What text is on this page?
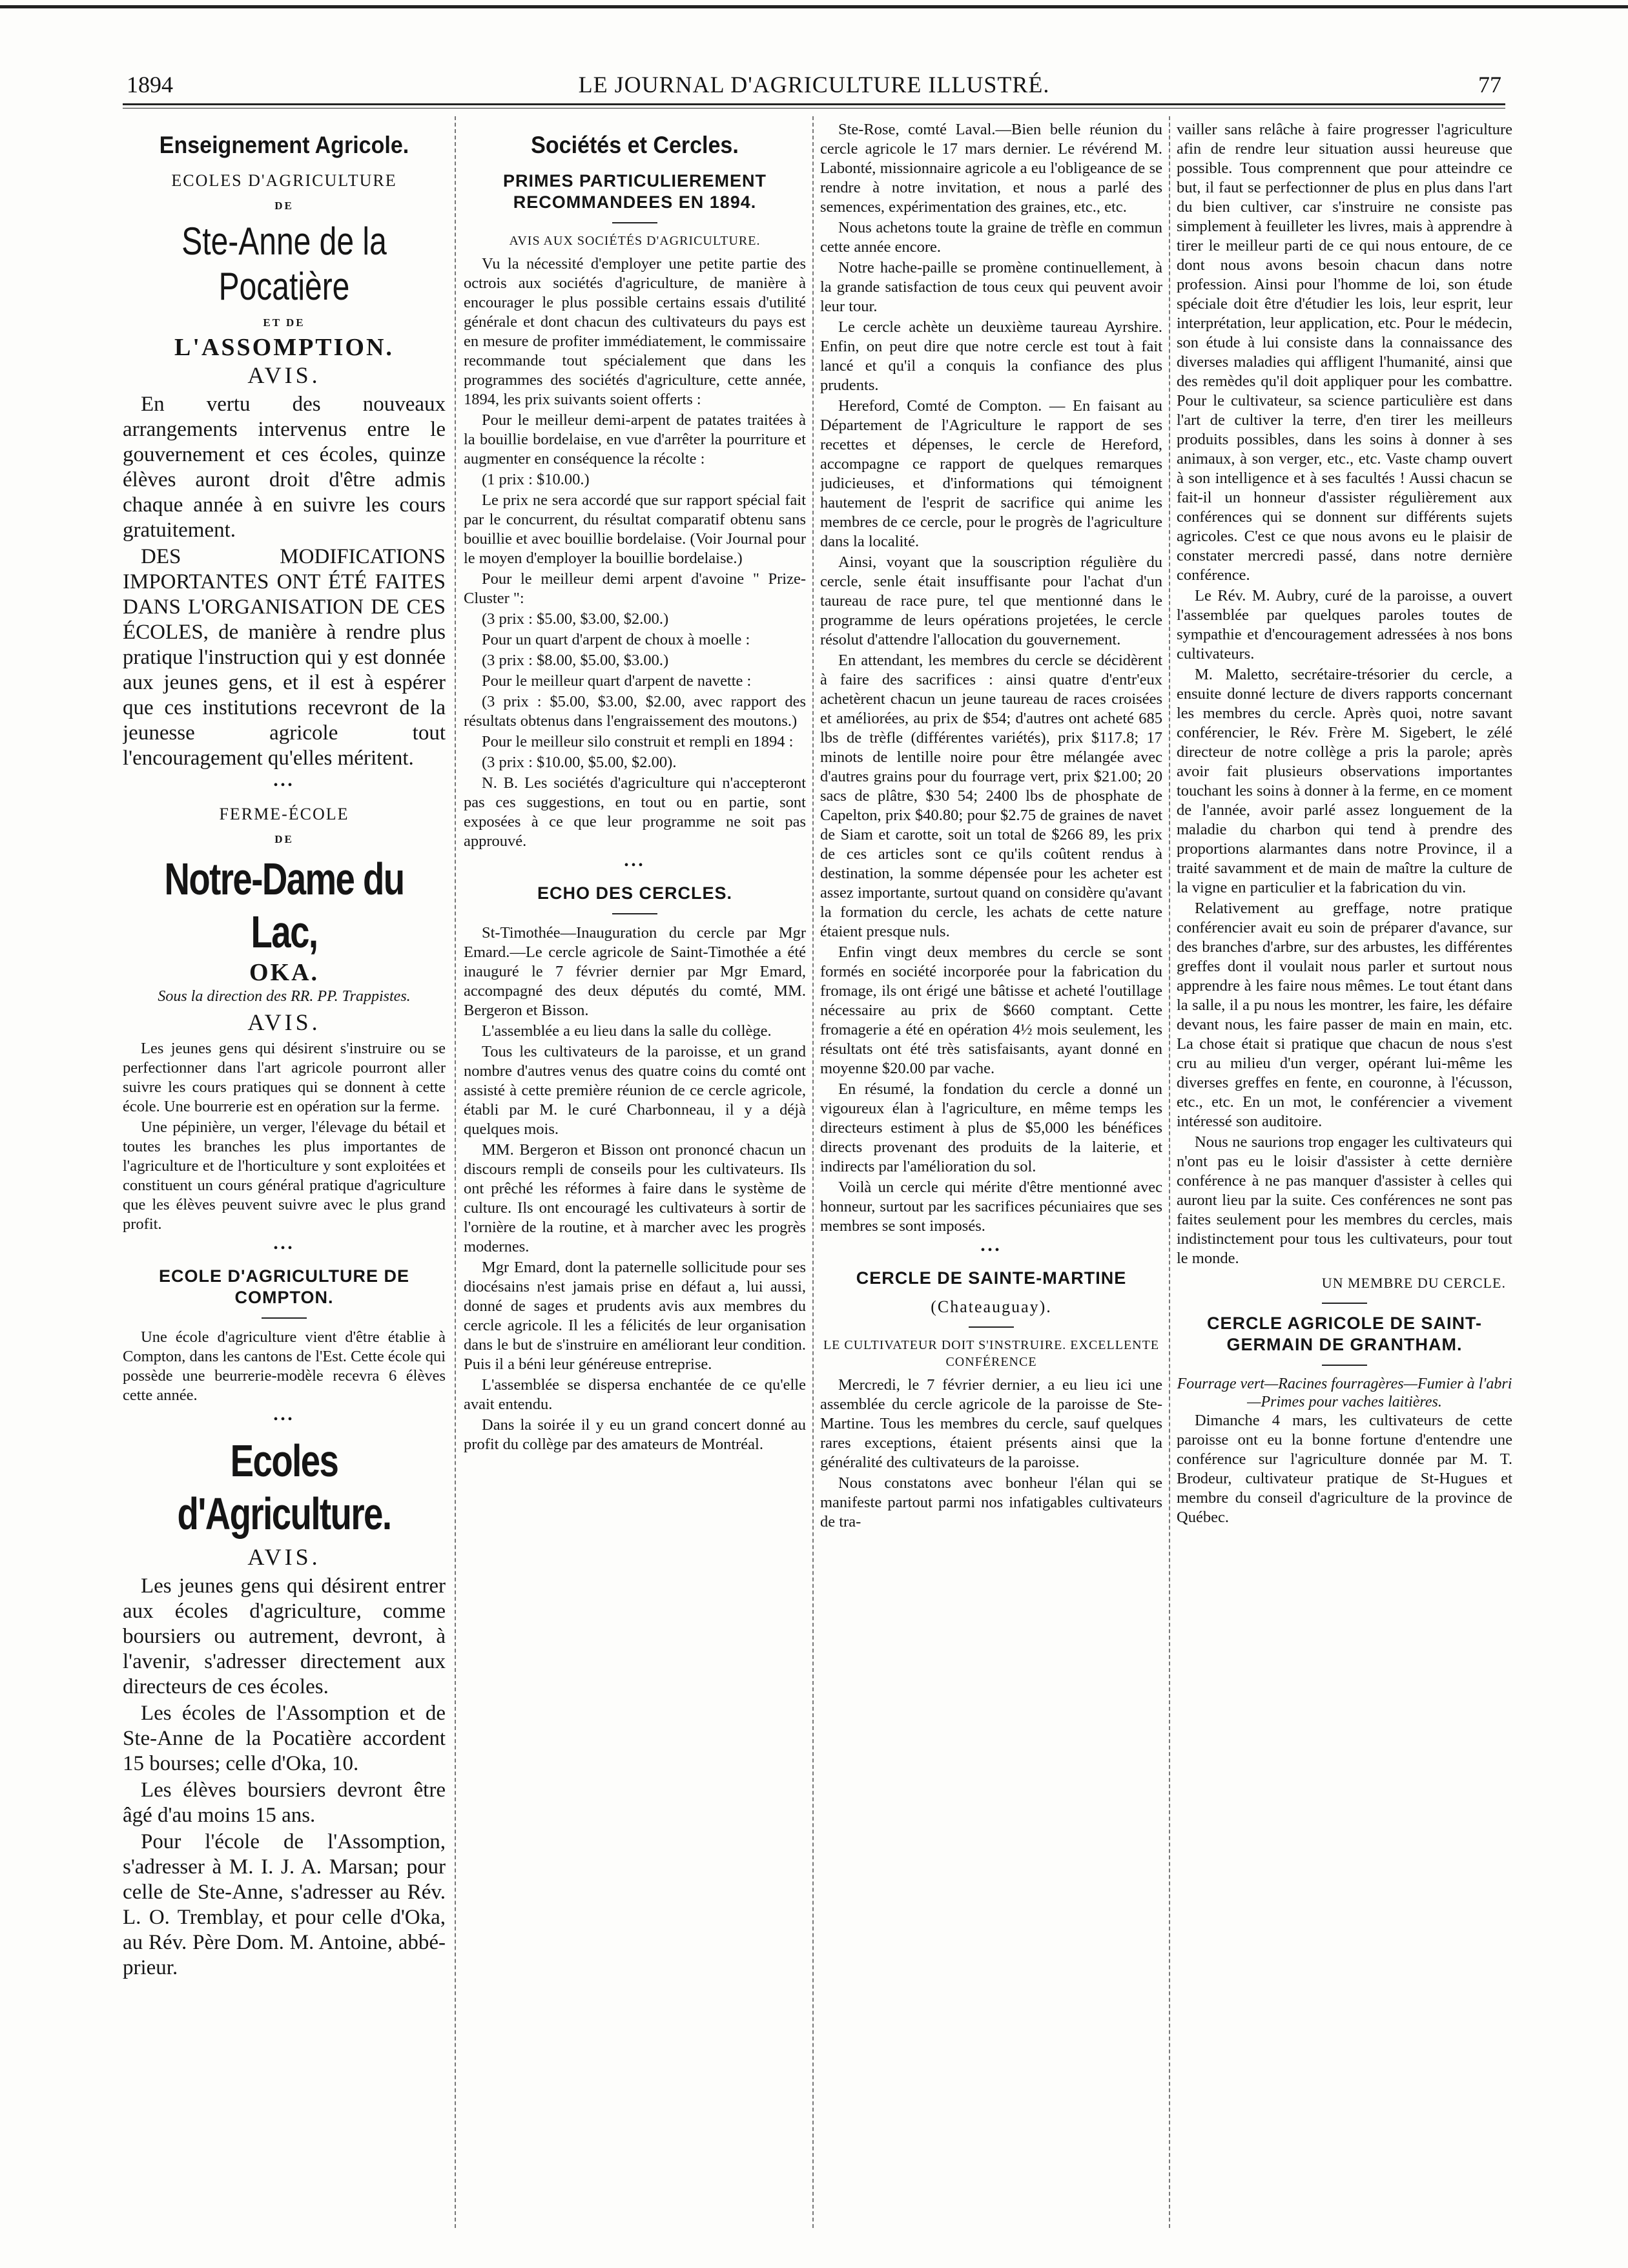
1894	LE JOURNAL D'AGRICULTURE ILLUSTRÉ.	77
Enseignement Agricole.
ECOLES D'AGRICULTURE
DE
Ste-Anne de la Pocatière
ET DE
L'ASSOMPTION.
AVIS.

En vertu des nouveaux arrangements intervenus entre le gouvernement et ces écoles, quinze élèves auront droit d'être admis chaque année à en suivre les cours gratuitement.

DES MODIFICATIONS IMPORTANTES ONT ÉTÉ FAITES DANS L'ORGANISATION DE CES ÉCOLES, de manière à rendre plus pratique l'instruction qui y est donnée aux jeunes gens, et il est à espérer que ces institutions recevront de la jeunesse agricole tout l'encouragement qu'elles méritent.

•••
FERME-ÉCOLE
DE
Notre-Dame du Lac,
OKA.
Sous la direction des RR. PP. Trappistes.
AVIS.

Les jeunes gens qui désirent s'instruire ou se perfectionner dans l'art agricole pourront aller suivre les cours pratiques qui se donnent à cette école. Une bourrerie est en opération sur la ferme.

Une pépinière, un verger, l'élevage du bétail et toutes les branches les plus importantes de l'agriculture et de l'horticulture y sont exploitées et constituent un cours général pratique d'agriculture que les élèves peuvent suivre avec le plus grand profit.

•••
ECOLE D'AGRICULTURE DE COMPTON.

Une école d'agriculture vient d'être établie à Compton, dans les cantons de l'Est. Cette école qui possède une beurrerie-modèle recevra 6 élèves cette année.

•••
Ecoles d'Agriculture.
AVIS.

Les jeunes gens qui désirent entrer aux écoles d'agriculture, comme boursiers ou autrement, devront, à l'avenir, s'adresser directement aux directeurs de ces écoles.

Les écoles de l'Assomption et de Ste-Anne de la Pocatière accordent 15 bourses; celle d'Oka, 10.

Les élèves boursiers devront être âgé d'au moins 15 ans.

Pour l'école de l'Assomption, s'adresser à M. I. J. A. Marsan; pour celle de Ste-Anne, s'adresser au Rév. L. O. Tremblay, et pour celle d'Oka, au Rév. Père Dom. M. Antoine, abbé-prieur.

Sociétés et Cercles.
PRIMES PARTICULIEREMENT RECOMMANDEES EN 1894.
AVIS AUX SOCIÉTÉS D'AGRICULTURE.

Vu la nécessité d'employer une petite partie des octrois aux sociétés d'agriculture, de manière à encourager le plus possible certains essais d'utilité générale et dont chacun des cultivateurs du pays est en mesure de profiter immédiatement, le commissaire recommande tout spécialement que dans les programmes des sociétés d'agriculture, cette année, 1894, les prix suivants soient offerts :

Pour le meilleur demi-arpent de patates traitées à la bouillie bordelaise, en vue d'arrêter la pourriture et augmenter en conséquence la récolte :

(1 prix : $10.00.)

Le prix ne sera accordé que sur rapport spécial fait par le concurrent, du résultat comparatif obtenu sans bouillie et avec bouillie bordelaise. (Voir Journal pour le moyen d'employer la bouillie bordelaise.)

Pour le meilleur demi arpent d'avoine " Prize-Cluster ":

(3 prix : $5.00, $3.00, $2.00.)

Pour un quart d'arpent de choux à moelle :

(3 prix : $8.00, $5.00, $3.00.)

Pour le meilleur quart d'arpent de navette :

(3 prix : $5.00, $3.00, $2.00, avec rapport des résultats obtenus dans l'engraissement des moutons.)

Pour le meilleur silo construit et rempli en 1894 :

(3 prix : $10.00, $5.00, $2.00).

N. B. Les sociétés d'agriculture qui n'accepteront pas ces suggestions, en tout ou en partie, sont exposées à ce que leur programme ne soit pas approuvé.

•••
ECHO DES CERCLES.

St-Timothée—Inauguration du cercle par Mgr Emard.—Le cercle agricole de Saint-Timothée a été inauguré le 7 février dernier par Mgr Emard, accompagné des deux députés du comté, MM. Bergeron et Bisson.

L'assemblée a eu lieu dans la salle du collège.

Tous les cultivateurs de la paroisse, et un grand nombre d'autres venus des quatre coins du comté ont assisté à cette première réunion de ce cercle agricole, établi par M. le curé Charbonneau, il y a déjà quelques mois.

MM. Bergeron et Bisson ont prononcé chacun un discours rempli de conseils pour les cultivateurs. Ils ont prêché les réformes à faire dans le système de culture. Ils ont encouragé les cultivateurs à sortir de l'ornière de la routine, et à marcher avec les progrès modernes.

Mgr Emard, dont la paternelle sollicitude pour ses diocésains n'est jamais prise en défaut a, lui aussi, donné de sages et prudents avis aux membres du cercle agricole. Il les a félicités de leur organisation dans le but de s'instruire en améliorant leur condition. Puis il a béni leur généreuse entreprise.

L'assemblée se dispersa enchantée de ce qu'elle avait entendu.

Dans la soirée il y eu un grand concert donné au profit du collège par des amateurs de Montréal.

Ste-Rose, comté Laval.—Bien belle réunion du cercle agricole le 17 mars dernier. Le révérend M. Labonté, missionnaire agricole a eu l'obligeance de se rendre à notre invitation, et nous a parlé des semences, expérimentation des graines, etc., etc.

Nous achetons toute la graine de trèfle en commun cette année encore.

Notre hache-paille se promène continuellement, à la grande satisfaction de tous ceux qui peuvent avoir leur tour.

Le cercle achète un deuxième taureau Ayrshire. Enfin, on peut dire que notre cercle est tout à fait lancé et qu'il a conquis la confiance des plus prudents.

Hereford, Comté de Compton. — En faisant au Département de l'Agriculture le rapport de ses recettes et dépenses, le cercle de Hereford, accompagne ce rapport de quelques remarques judicieuses, et d'informations qui témoignent hautement de l'esprit de sacrifice qui anime les membres de ce cercle, pour le progrès de l'agriculture dans la localité.

Ainsi, voyant que la souscription régulière du cercle, senle était insuffisante pour l'achat d'un taureau de race pure, tel que mentionné dans le programme de leurs opérations projetées, le cercle résolut d'attendre l'allocation du gouvernement.

En attendant, les membres du cercle se décidèrent à faire des sacrifices : ainsi quatre d'entr'eux achetèrent chacun un jeune taureau de races croisées et améliorées, au prix de $54; d'autres ont acheté 685 lbs de trèfle (différentes variétés), prix $117.8; 17 minots de lentille noire pour être mélangée avec d'autres grains pour du fourrage vert, prix $21.00; 20 sacs de plâtre, $30 54; 2400 lbs de phosphate de Capelton, prix $40.80; pour $2.75 de graines de navet de Siam et carotte, soit un total de $266 89, les prix de ces articles sont ce qu'ils coûtent rendus à destination, la somme dépensée pour les acheter est assez importante, surtout quand on considère qu'avant la formation du cercle, les achats de cette nature étaient presque nuls.

Enfin vingt deux membres du cercle se sont formés en société incorporée pour la fabrication du fromage, ils ont érigé une bâtisse et acheté l'outillage nécessaire au prix de $660 comptant. Cette fromagerie a été en opération 4½ mois seulement, les résultats ont été très satisfaisants, ayant donné en moyenne $20.00 par vache.

En résumé, la fondation du cercle a donné un vigoureux élan à l'agriculture, en même temps les directeurs estiment à plus de $5,000 les bénéfices directs provenant des produits de la laiterie, et indirects par l'amélioration du sol.

Voilà un cercle qui mérite d'être mentionné avec honneur, surtout par les sacrifices pécuniaires que ses membres se sont imposés.

•••
CERCLE DE SAINTE-MARTINE
(Chateauguay).
LE CULTIVATEUR DOIT S'INSTRUIRE. EXCELLENTE CONFÉRENCE

Mercredi, le 7 février dernier, a eu lieu ici une assemblée du cercle agricole de la paroisse de Ste-Martine. Tous les membres du cercle, sauf quelques rares exceptions, étaient présents ainsi que la généralité des cultivateurs de la paroisse.

Nous constatons avec bonheur l'élan qui se manifeste partout parmi nos infatigables cultivateurs de tra-

vailler sans relâche à faire progresser l'agriculture afin de rendre leur situation aussi heureuse que possible. Tous comprennent que pour atteindre ce but, il faut se perfectionner de plus en plus dans l'art du bien cultiver, car s'instruire ne consiste pas simplement à feuilleter les livres, mais à apprendre à tirer le meilleur parti de ce qui nous entoure, de ce dont nous avons besoin chacun dans notre profession. Ainsi pour l'homme de loi, son étude spéciale doit être d'étudier les lois, leur esprit, leur interprétation, leur application, etc. Pour le médecin, son étude à lui consiste dans la connaissance des diverses maladies qui affligent l'humanité, ainsi que des remèdes qu'il doit appliquer pour les combattre. Pour le cultivateur, sa science particulière est dans l'art de cultiver la terre, d'en tirer les meilleurs produits possibles, dans les soins à donner à ses animaux, à son verger, etc., etc. Vaste champ ouvert à son intelligence et à ses facultés ! Aussi chacun se fait-il un honneur d'assister régulièrement aux conférences qui se donnent sur différents sujets agricoles. C'est ce que nous avons eu le plaisir de constater mercredi passé, dans notre dernière conférence.

Le Rév. M. Aubry, curé de la paroisse, a ouvert l'assemblée par quelques paroles toutes de sympathie et d'encouragement adressées à nos bons cultivateurs.

M. Maletto, secrétaire-trésorier du cercle, a ensuite donné lecture de divers rapports concernant les membres du cercle. Après quoi, notre savant conférencier, le Rév. Frère M. Sigebert, le zélé directeur de notre collège a pris la parole; après avoir fait plusieurs observations importantes touchant les soins à donner à la ferme, en ce moment de l'année, avoir parlé assez longuement de la maladie du charbon qui tend à prendre des proportions alarmantes dans notre Province, il a traité savamment et de main de maître la culture de la vigne en particulier et la fabrication du vin.

Relativement au greffage, notre pratique conférencier avait eu soin de préparer d'avance, sur des branches d'arbre, sur des arbustes, les différentes greffes dont il voulait nous parler et surtout nous apprendre à les faire nous mêmes. Le tout étant dans la salle, il a pu nous les montrer, les faire, les défaire devant nous, les faire passer de main en main, etc. La chose était si pratique que chacun de nous s'est cru au milieu d'un verger, opérant lui-même les diverses greffes en fente, en couronne, à l'écusson, etc., etc. En un mot, le conférencier a vivement intéressé son auditoire.

Nous ne saurions trop engager les cultivateurs qui n'ont pas eu le loisir d'assister à cette dernière conférence à ne pas manquer d'assister à celles qui auront lieu par la suite. Ces conférences ne sont pas faites seulement pour les membres du cercles, mais indistinctement pour tous les cultivateurs, pour tout le monde.

UN MEMBRE DU CERCLE.
CERCLE AGRICOLE DE SAINT-GERMAIN DE GRANTHAM.
Fourrage vert—Racines fourragères—Fumier à l'abri—Primes pour vaches laitières.

Dimanche 4 mars, les cultivateurs de cette paroisse ont eu la bonne fortune d'entendre une conférence sur l'agriculture donnée par M. T. Brodeur, cultivateur pratique de St-Hugues et membre du conseil d'agriculture de la province de Québec.
